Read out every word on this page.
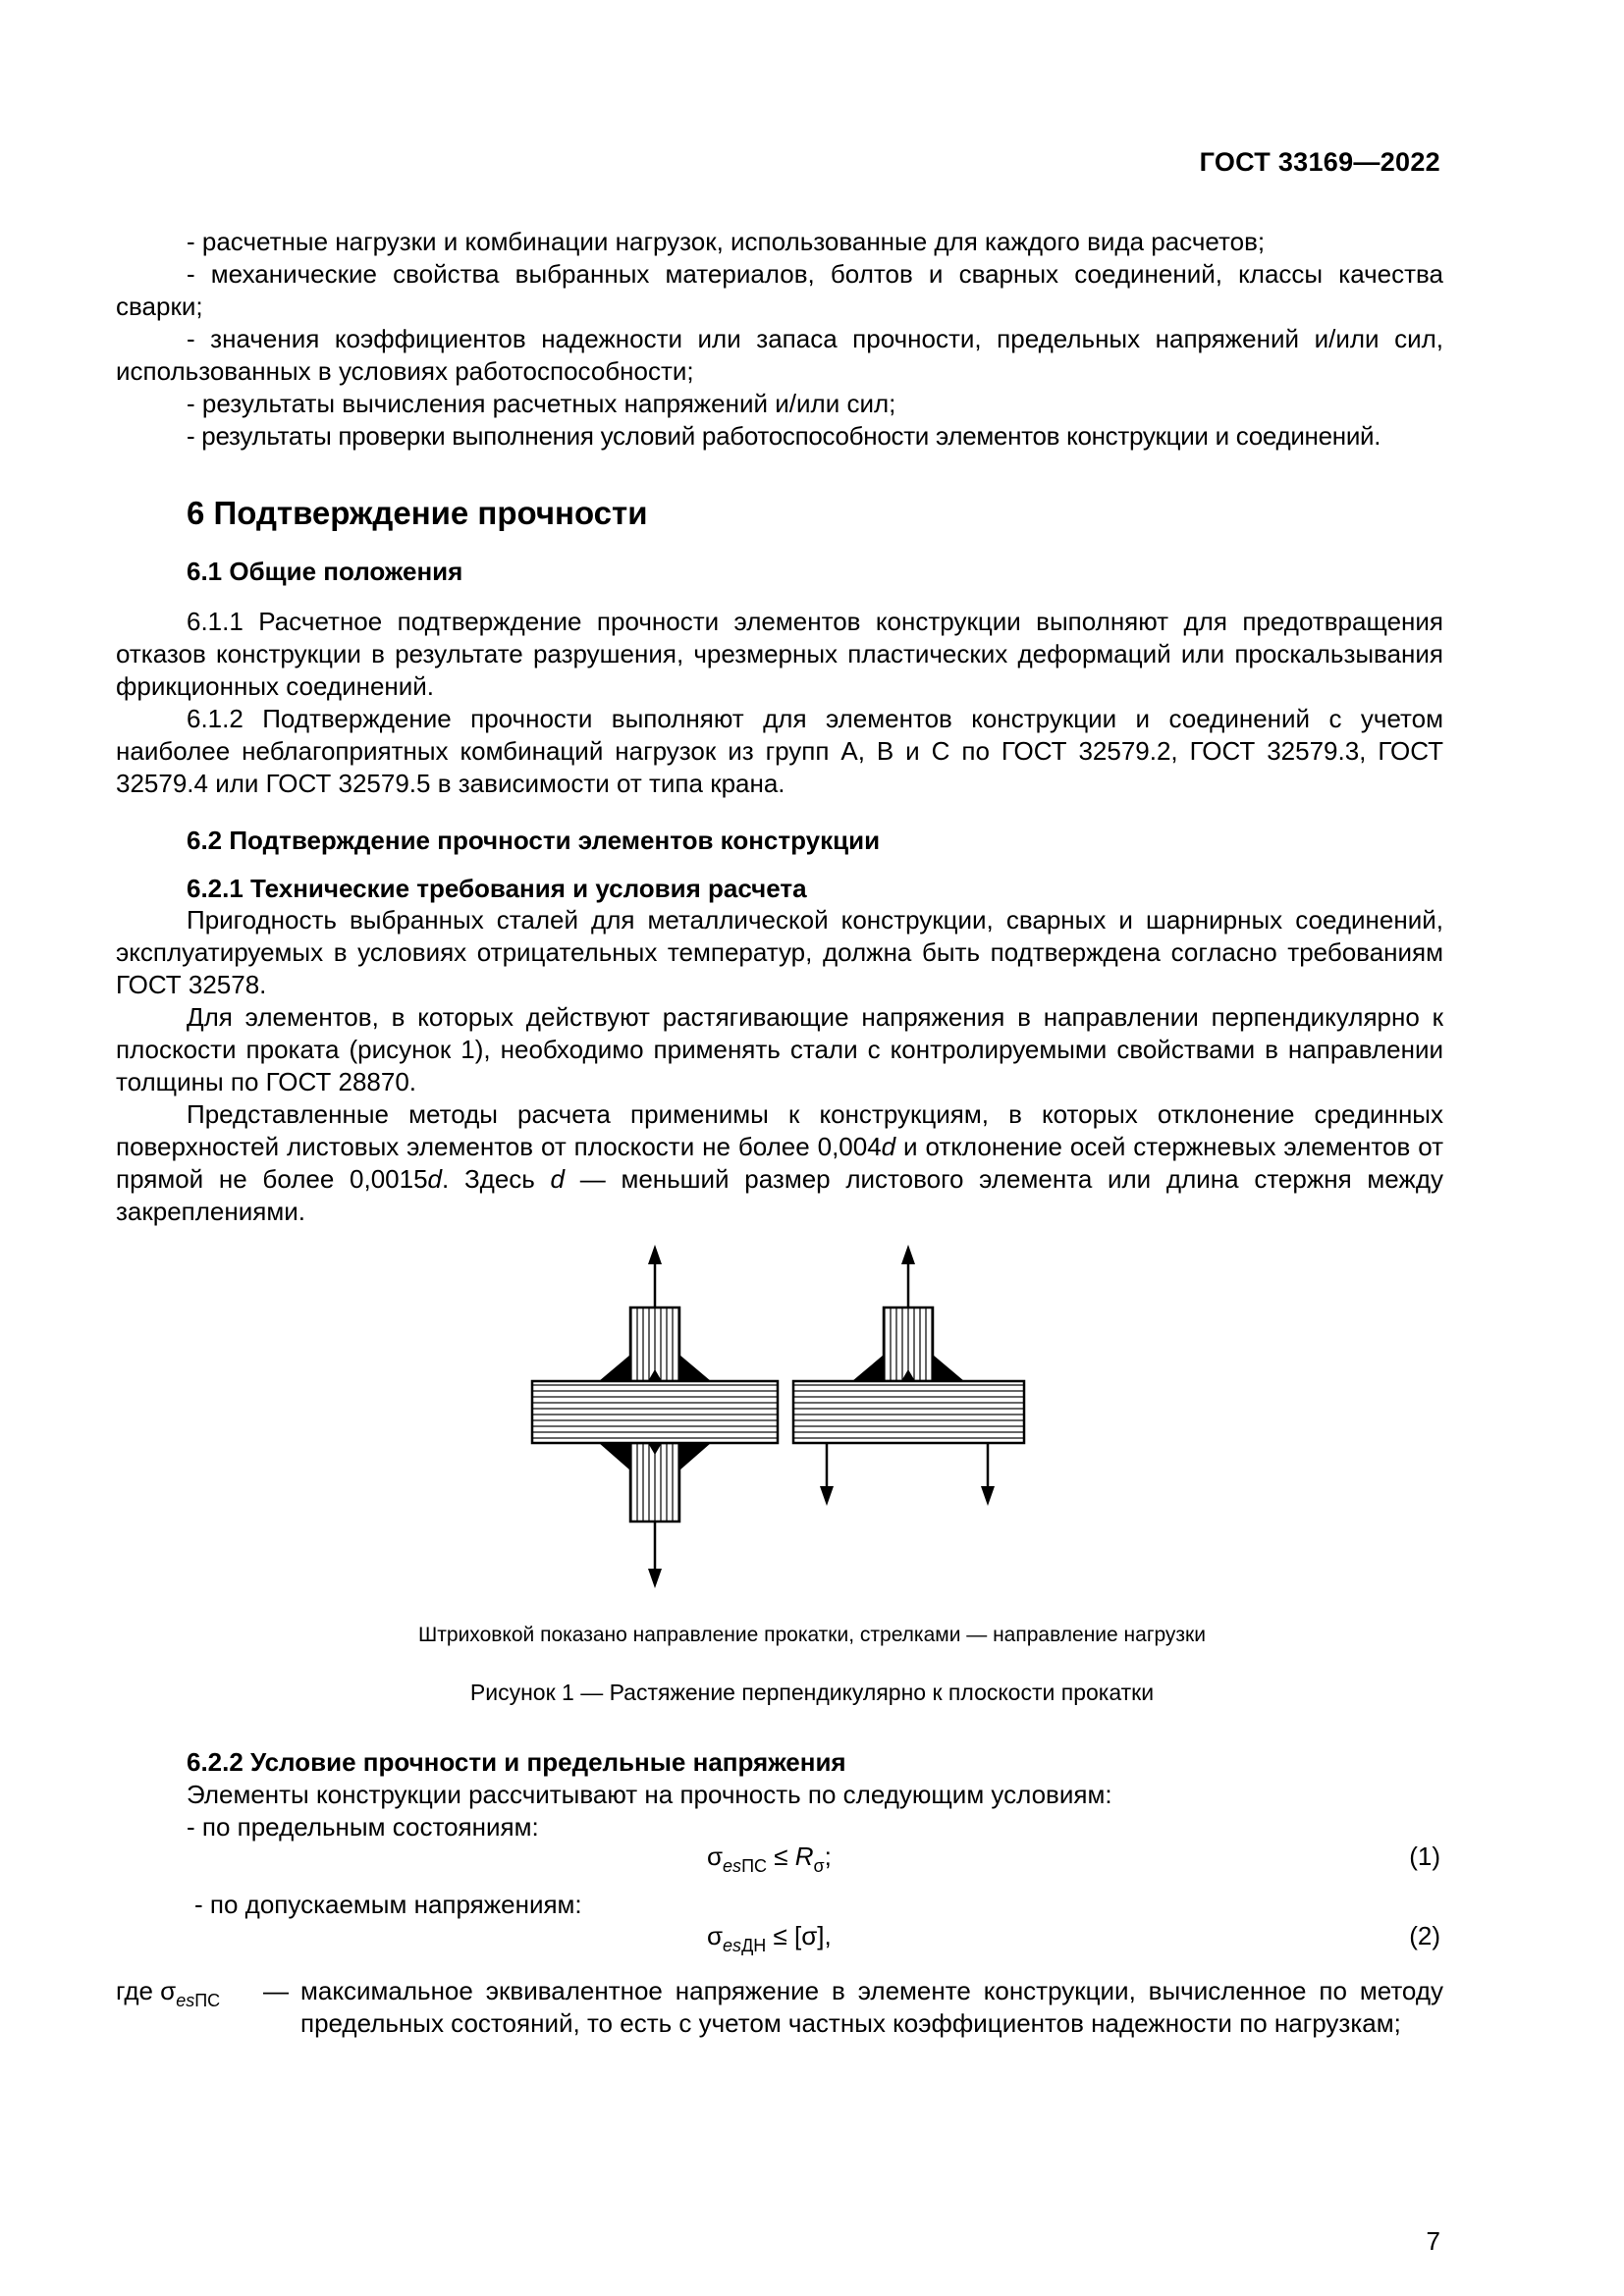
ГОСТ 33169—2022
- расчетные нагрузки и комбинации нагрузок, использованные для каждого вида расчетов;
- механические свойства выбранных материалов, болтов и сварных соединений, классы качества сварки;
- значения коэффициентов надежности или запаса прочности, предельных напряжений и/или сил, использованных в условиях работоспособности;
- результаты вычисления расчетных напряжений и/или сил;
- результаты проверки выполнения условий работоспособности элементов конструкции и соединений.
6 Подтверждение прочности
6.1 Общие положения
6.1.1 Расчетное подтверждение прочности элементов конструкции выполняют для предотвращения отказов конструкции в результате разрушения, чрезмерных пластических деформаций или проскальзывания фрикционных соединений.
6.1.2 Подтверждение прочности выполняют для элементов конструкции и соединений с учетом наиболее неблагоприятных комбинаций нагрузок из групп A, B и C по ГОСТ 32579.2, ГОСТ 32579.3, ГОСТ 32579.4 или ГОСТ 32579.5 в зависимости от типа крана.
6.2 Подтверждение прочности элементов конструкции
6.2.1 Технические требования и условия расчета
Пригодность выбранных сталей для металлической конструкции, сварных и шарнирных соединений, эксплуатируемых в условиях отрицательных температур, должна быть подтверждена согласно требованиям ГОСТ 32578.
Для элементов, в которых действуют растягивающие напряжения в направлении перпендикулярно к плоскости проката (рисунок 1), необходимо применять стали с контролируемыми свойствами в направлении толщины по ГОСТ 28870.
Представленные методы расчета применимы к конструкциям, в которых отклонение срединных поверхностей листовых элементов от плоскости не более 0,004d и отклонение осей стержневых элементов от прямой не более 0,0015d. Здесь d — меньший размер листового элемента или длина стержня между закреплениями.
Штриховкой показано направление прокатки, стрелками — направление нагрузки
Рисунок 1 — Растяжение перпендикулярно к плоскости прокатки
6.2.2 Условие прочности и предельные напряжения
Элементы конструкции рассчитывают на прочность по следующим условиям:
- по предельным состояниям:
$\sigma_{esПС} \le R_\sigma$;	(1)
- по допускаемым напряжениям:
$\sigma_{esДН} \le [\sigma]$,	(2)
где $\sigma_{esПС}$ — максимальное эквивалентное напряжение в элементе конструкции, вычисленное по методу предельных состояний, то есть с учетом частных коэффициентов надежности по нагрузкам;
7
